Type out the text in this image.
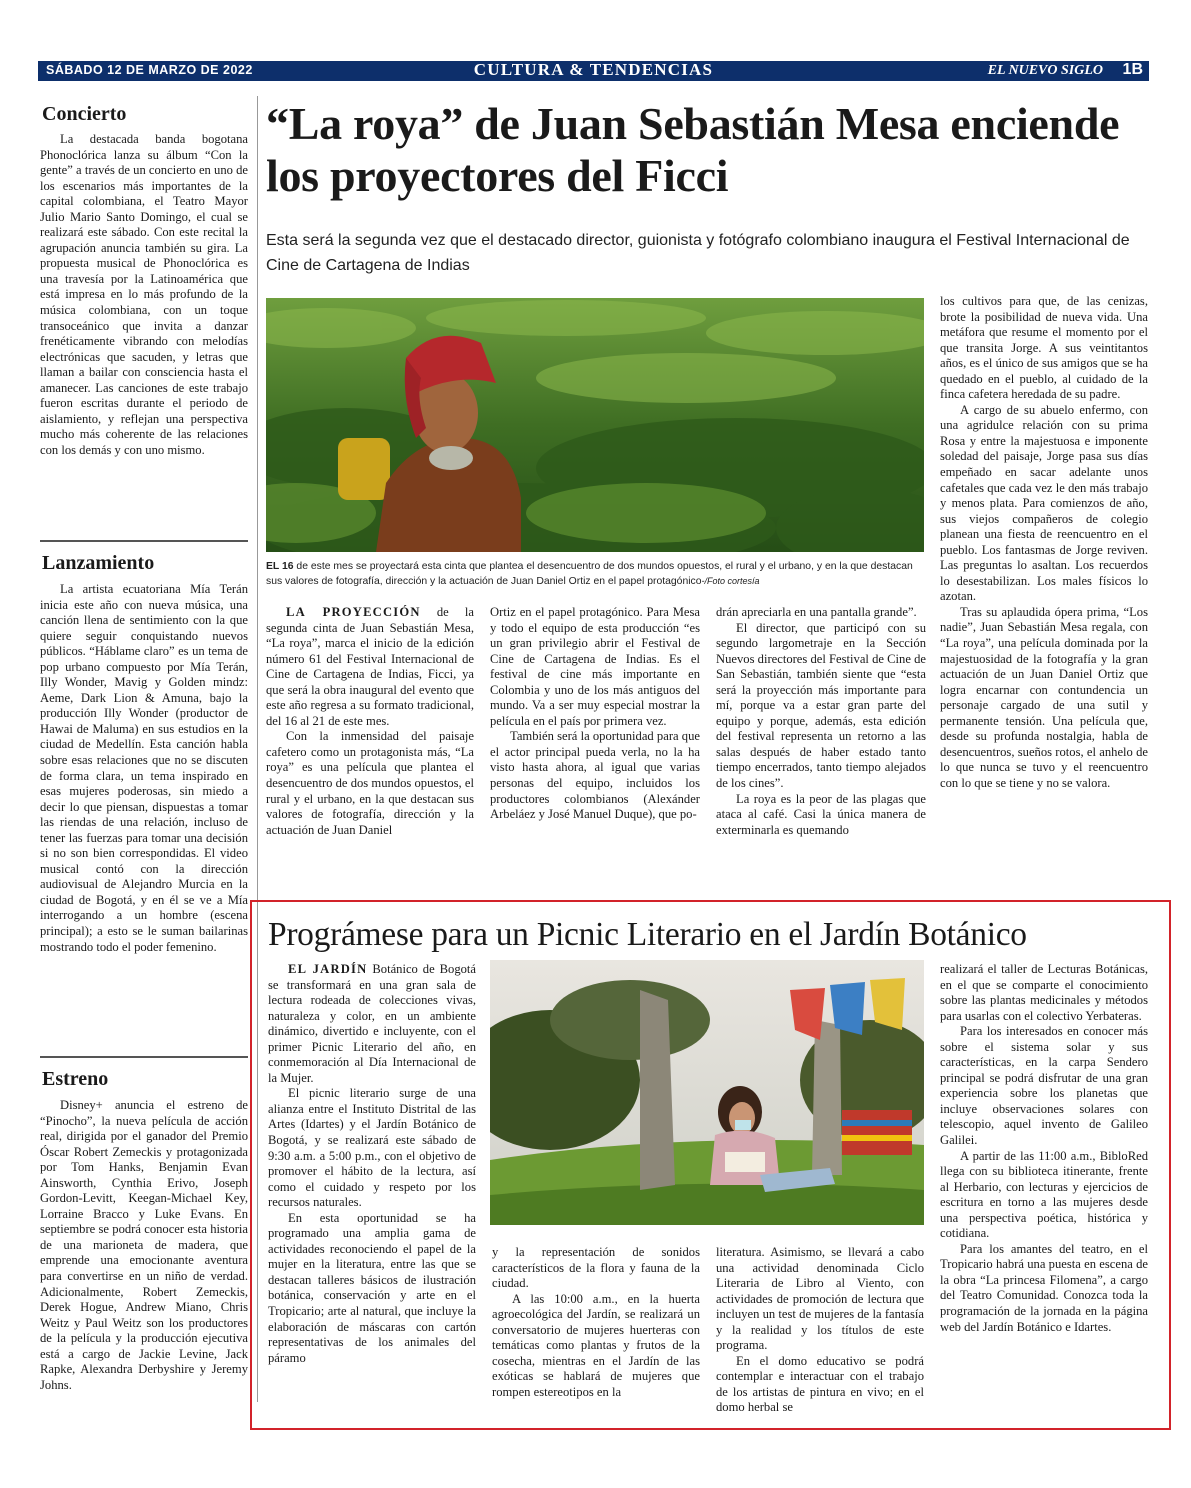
SÁBADO 12 DE MARZO DE 2022	CULTURA & TENDENCIAS	EL NUEVO SIGLO 1B
Concierto

La destacada banda bogotana Phonoclórica lanza su álbum “Con la gente” a través de un concierto en uno de los escenarios más importantes de la capital colombiana, el Teatro Mayor Julio Mario Santo Domingo, el cual se realizará este sábado. Con este recital la agrupación anuncia también su gira. La propuesta musical de Phonoclórica es una travesía por la Latinoamérica que está impresa en lo más profundo de la música colombiana, con un toque transoceánico que invita a danzar frenéticamente vibrando con melodías electrónicas que sacuden, y letras que llaman a bailar con consciencia hasta el amanecer. Las canciones de este trabajo fueron escritas durante el periodo de aislamiento, y reflejan una perspectiva mucho más coherente de las relaciones con los demás y con uno mismo.

Lanzamiento

La artista ecuatoriana Mía Terán inicia este año con nueva música, una canción llena de sentimiento con la que quiere seguir conquistando nuevos públicos. “Háblame claro” es un tema de pop urbano compuesto por Mía Terán, Illy Wonder, Mavig y Golden mindz: Aeme, Dark Lion & Amuna, bajo la producción Illy Wonder (productor de Hawai de Maluma) en sus estudios en la ciudad de Medellín. Esta canción habla sobre esas relaciones que no se discuten de forma clara, un tema inspirado en esas mujeres poderosas, sin miedo a decir lo que piensan, dispuestas a tomar las riendas de una relación, incluso de tener las fuerzas para tomar una decisión si no son bien correspondidas. El video musical contó con la dirección audiovisual de Alejandro Murcia en la ciudad de Bogotá, y en él se ve a Mía interrogando a un hombre (escena principal); a esto se le suman bailarinas mostrando todo el poder femenino.

Estreno

Disney+ anuncia el estreno de “Pinocho”, la nueva película de acción real, dirigida por el ganador del Premio Óscar Robert Zemeckis y protagonizada por Tom Hanks, Benjamin Evan Ainsworth, Cynthia Erivo, Joseph Gordon-Levitt, Keegan-Michael Key, Lorraine Bracco y Luke Evans. En septiembre se podrá conocer esta historia de una marioneta de madera, que emprende una emocionante aventura para convertirse en un niño de verdad. Adicionalmente, Robert Zemeckis, Derek Hogue, Andrew Miano, Chris Weitz y Paul Weitz son los productores de la película y la producción ejecutiva está a cargo de Jackie Levine, Jack Rapke, Alexandra Derbyshire y Jeremy Johns.

“La roya” de Juan Sebastián Mesa enciende los proyectores del Ficci
Esta será la segunda vez que el destacado director, guionista y fotógrafo colombiano inaugura el Festival Internacional de Cine de Cartagena de Indias
EL 16 de este mes se proyectará esta cinta que plantea el desencuentro de dos mundos opuestos, el rural y el urbano, y en la que destacan sus valores de fotografía, dirección y la actuación de Juan Daniel Ortiz en el papel protagónico-/Foto cortesía

LA PROYECCIÓN de la segunda cinta de Juan Sebastián Mesa, “La roya”, marca el inicio de la edición número 61 del Festival Internacional de Cine de Cartagena de Indias, Ficci, ya que será la obra inaugural del evento que este año regresa a su formato tradicional, del 16 al 21 de este mes.

Con la inmensidad del paisaje cafetero como un protagonista más, “La roya” es una película que plantea el desencuentro de dos mundos opuestos, el rural y el urbano, en la que destacan sus valores de fotografía, dirección y la actuación de Juan Daniel

Ortiz en el papel protagónico. Para Mesa y todo el equipo de esta producción “es un gran privilegio abrir el Festival de Cine de Cartagena de Indias. Es el festival de cine más importante en Colombia y uno de los más antiguos del mundo. Va a ser muy especial mostrar la película en el país por primera vez.

También será la oportunidad para que el actor principal pueda verla, no la ha visto hasta ahora, al igual que varias personas del equipo, incluidos los productores colombianos (Alexánder Arbeláez y José Manuel Duque), que po-

drán apreciarla en una pantalla grande”.

El director, que participó con su segundo largometraje en la Sección Nuevos directores del Festival de Cine de San Sebastián, también siente que “esta será la proyección más importante para mí, porque va a estar gran parte del equipo y porque, además, esta edición del festival representa un retorno a las salas después de haber estado tanto tiempo encerrados, tanto tiempo alejados de los cines”.

La roya es la peor de las plagas que ataca al café. Casi la única manera de exterminarla es quemando

los cultivos para que, de las cenizas, brote la posibilidad de nueva vida. Una metáfora que resume el momento por el que transita Jorge. A sus veintitantos años, es el único de sus amigos que se ha quedado en el pueblo, al cuidado de la finca cafetera heredada de su padre.

A cargo de su abuelo enfermo, con una agridulce relación con su prima Rosa y entre la majestuosa e imponente soledad del paisaje, Jorge pasa sus días empeñado en sacar adelante unos cafetales que cada vez le den más trabajo y menos plata. Para comienzos de año, sus viejos compañeros de colegio planean una fiesta de reencuentro en el pueblo. Los fantasmas de Jorge reviven. Las preguntas lo asaltan. Los recuerdos lo desestabilizan. Los males físicos lo azotan.

Tras su aplaudida ópera prima, “Los nadie”, Juan Sebastián Mesa regala, con “La roya”, una película dominada por la majestuosidad de la fotografía y la gran actuación de un Juan Daniel Ortiz que logra encarnar con contundencia un personaje cargado de una sutil y permanente tensión. Una película que, desde su profunda nostalgia, habla de desencuentros, sueños rotos, el anhelo de lo que nunca se tuvo y el reencuentro con lo que se tiene y no se valora.

Prográmese para un Picnic Literario en el Jardín Botánico

EL JARDÍN Botánico de Bogotá se transformará en una gran sala de lectura rodeada de colecciones vivas, naturaleza y color, en un ambiente dinámico, divertido e incluyente, con el primer Picnic Literario del año, en conmemoración al Día Internacional de la Mujer.

El picnic literario surge de una alianza entre el Instituto Distrital de las Artes (Idartes) y el Jardín Botánico de Bogotá, y se realizará este sábado de 9:30 a.m. a 5:00 p.m., con el objetivo de promover el hábito de la lectura, así como el cuidado y respeto por los recursos naturales.

En esta oportunidad se ha programado una amplia gama de actividades reconociendo el papel de la mujer en la literatura, entre las que se destacan talleres básicos de ilustración botánica, conservación y arte en el Tropicario; arte al natural, que incluye la elaboración de máscaras con cartón representativas de los animales del páramo

y la representación de sonidos característicos de la flora y fauna de la ciudad.

A las 10:00 a.m., en la huerta agroecológica del Jardín, se realizará un conversatorio de mujeres huerteras con temáticas como plantas y frutos de la cosecha, mientras en el Jardín de las exóticas se hablará de mujeres que rompen estereotipos en la

literatura. Asimismo, se llevará a cabo una actividad denominada Ciclo Literaria de Libro al Viento, con actividades de promoción de lectura que incluyen un test de mujeres de la fantasía y la realidad y los títulos de este programa.

En el domo educativo se podrá contemplar e interactuar con el trabajo de los artistas de pintura en vivo; en el domo herbal se

realizará el taller de Lecturas Botánicas, en el que se comparte el conocimiento sobre las plantas medicinales y métodos para usarlas con el colectivo Yerbateras.

Para los interesados en conocer más sobre el sistema solar y sus características, en la carpa Sendero principal se podrá disfrutar de una gran experiencia sobre los planetas que incluye observaciones solares con telescopio, aquel invento de Galileo Galilei.

A partir de las 11:00 a.m., BibloRed llega con su biblioteca itinerante, frente al Herbario, con lecturas y ejercicios de escritura en torno a las mujeres desde una perspectiva poética, histórica y cotidiana.

Para los amantes del teatro, en el Tropicario habrá una puesta en escena de la obra “La princesa Filomena”, a cargo del Teatro Comunidad. Conozca toda la programación de la jornada en la página web del Jardín Botánico e Idartes.
